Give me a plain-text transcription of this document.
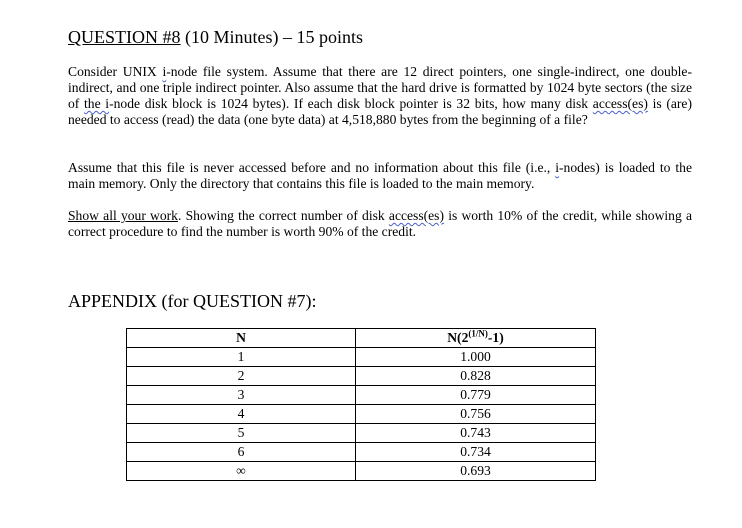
QUESTION #8 (10 Minutes) – 15 points
Consider UNIX i-node file system. Assume that there are 12 direct pointers, one single-indirect, one double-indirect, and one triple indirect pointer. Also assume that the hard drive is formatted by 1024 byte sectors (the size of the i-node disk block is 1024 bytes). If each disk block pointer is 32 bits, how many disk access(es) is (are) needed to access (read) the data (one byte data) at 4,518,880 bytes from the beginning of a file?
Assume that this file is never accessed before and no information about this file (i.e., i-nodes) is loaded to the main memory. Only the directory that contains this file is loaded to the main memory.
Show all your work. Showing the correct number of disk access(es) is worth 10% of the credit, while showing a correct procedure to find the number is worth 90% of the credit.
APPENDIX (for QUESTION #7):
N	$N(2^{(1/N)}-1)$
1	1.000
2	0.828
3	0.779
4	0.756
5	0.743
6	0.734
∞	0.693
